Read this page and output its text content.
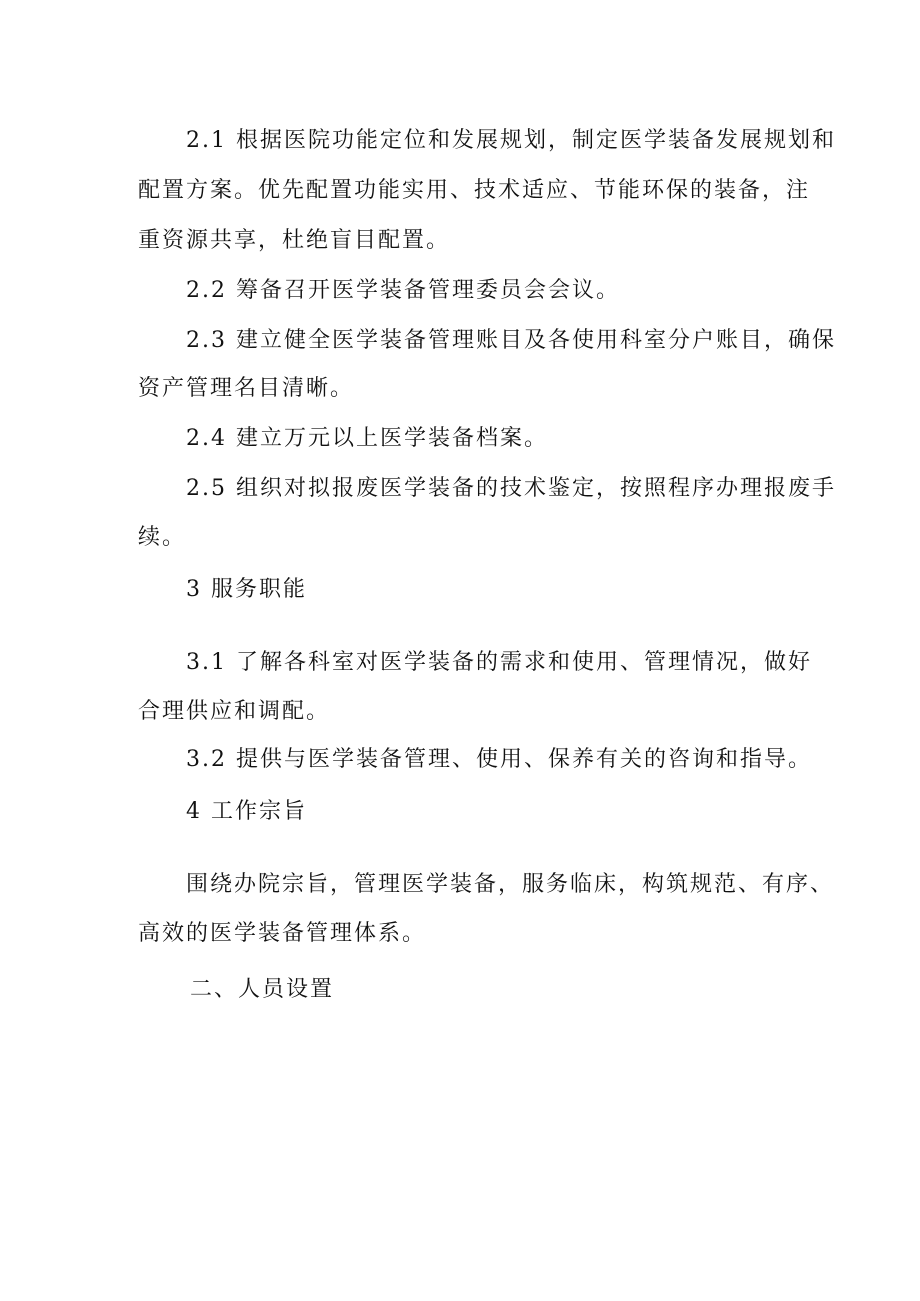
2.1 根据医院功能定位和发展规划，制定医学装备发展规划和
配置方案。优先配置功能实用、技术适应、节能环保的装备，注
重资源共享，杜绝盲目配置。
2.2 筹备召开医学装备管理委员会会议。
2.3 建立健全医学装备管理账目及各使用科室分户账目，确保
资产管理名目清晰。
2.4 建立万元以上医学装备档案。
2.5 组织对拟报废医学装备的技术鉴定，按照程序办理报废手
续。
3 服务职能
3.1 了解各科室对医学装备的需求和使用、管理情况，做好
合理供应和调配。
3.2 提供与医学装备管理、使用、保养有关的咨询和指导。
4 工作宗旨
围绕办院宗旨，管理医学装备，服务临床，构筑规范、有序、
高效的医学装备管理体系。
二、人员设置
